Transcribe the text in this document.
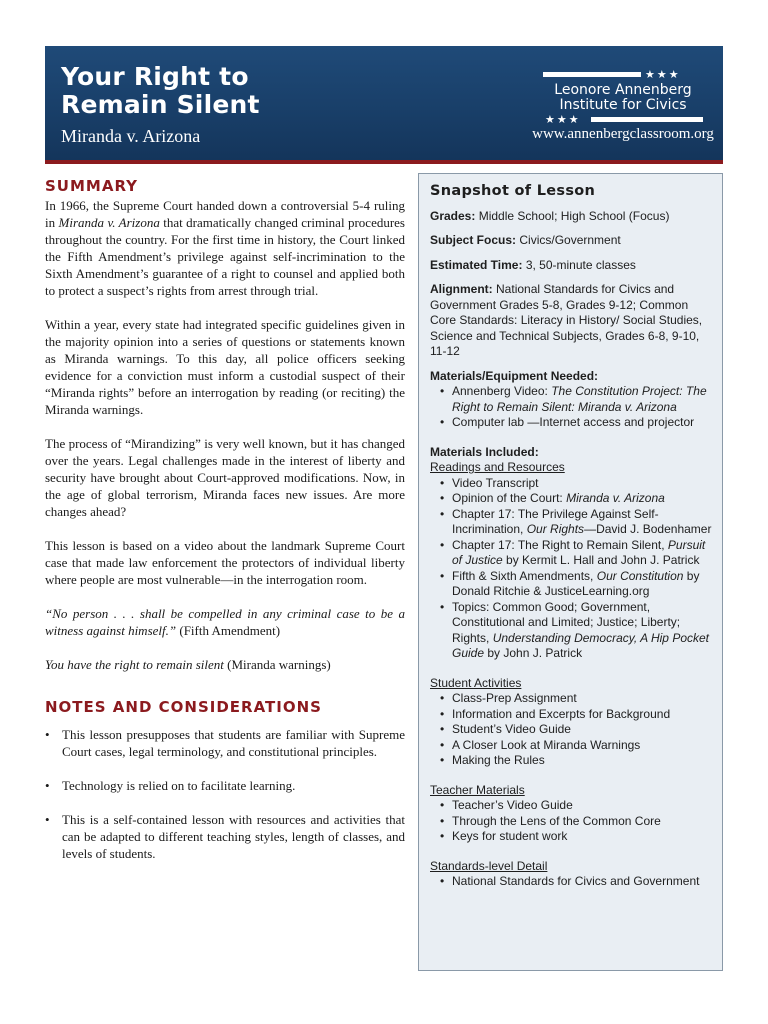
Your Right to
Remain Silent
Miranda v. Arizona
★★★
Leonore Annenberg
Institute for Civics
★★★
www.annenbergclassroom.org
SUMMARY

In 1966, the Supreme Court handed down a controversial 5-4 ruling in Miranda v. Arizona that dramatically changed criminal procedures throughout the country. For the first time in history, the Court linked the Fifth Amendment’s privilege against self-incrimination to the Sixth Amendment’s guarantee of a right to counsel and applied both to protect a suspect’s rights from arrest through trial.

Within a year, every state had integrated specific guidelines given in the majority opinion into a series of questions or statements known as Miranda warnings. To this day, all police officers seeking evidence for a conviction must inform a custodial suspect of their “Miranda rights” before an interrogation by reading (or reciting) the Miranda warnings.

The process of “Mirandizing” is very well known, but it has changed over the years. Legal challenges made in the interest of liberty and security have brought about Court-approved modifications. Now, in the age of global terrorism, Miranda faces new issues. Are more changes ahead?

This lesson is based on a video about the landmark Supreme Court case that made law enforcement the protectors of individual liberty where people are most vulnerable—in the interrogation room.

“No person . . . shall be compelled in any criminal case to be a witness against himself.” (Fifth Amendment)

You have the right to remain silent (Miranda warnings)

NOTES AND CONSIDERATIONS
• This lesson presupposes that students are familiar with Supreme Court cases, legal terminology, and constitutional principles.
• Technology is relied on to facilitate learning.
• This is a self-contained lesson with resources and activities that can be adapted to different teaching styles, length of classes, and levels of students.
Snapshot of Lesson
Grades: Middle School; High School (Focus)
Subject Focus: Civics/Government
Estimated Time: 3, 50-minute classes
Alignment: National Standards for Civics and Government Grades 5-8, Grades 9-12; Common Core Standards: Literacy in History/ Social Studies, Science and Technical Subjects, Grades 6-8, 9-10, 11-12
Materials/Equipment Needed:
• Annenberg Video: The Constitution Project: The Right to Remain Silent: Miranda v. Arizona
• Computer lab —Internet access and projector
Materials Included:
Readings and Resources
• Video Transcript
• Opinion of the Court: Miranda v. Arizona
• Chapter 17: The Privilege Against Self-Incrimination, Our Rights—David J. Bodenhamer
• Chapter 17: The Right to Remain Silent, Pursuit of Justice by Kermit L. Hall and John J. Patrick
• Fifth & Sixth Amendments, Our Constitution by Donald Ritchie & JusticeLearning.org
• Topics: Common Good; Government, Constitutional and Limited; Justice; Liberty; Rights, Understanding Democracy, A Hip Pocket Guide by John J. Patrick
Student Activities
• Class-Prep Assignment
• Information and Excerpts for Background
• Student’s Video Guide
• A Closer Look at Miranda Warnings
• Making the Rules
Teacher Materials
• Teacher’s Video Guide
• Through the Lens of the Common Core
• Keys for student work
Standards-level Detail
• National Standards for Civics and Government
